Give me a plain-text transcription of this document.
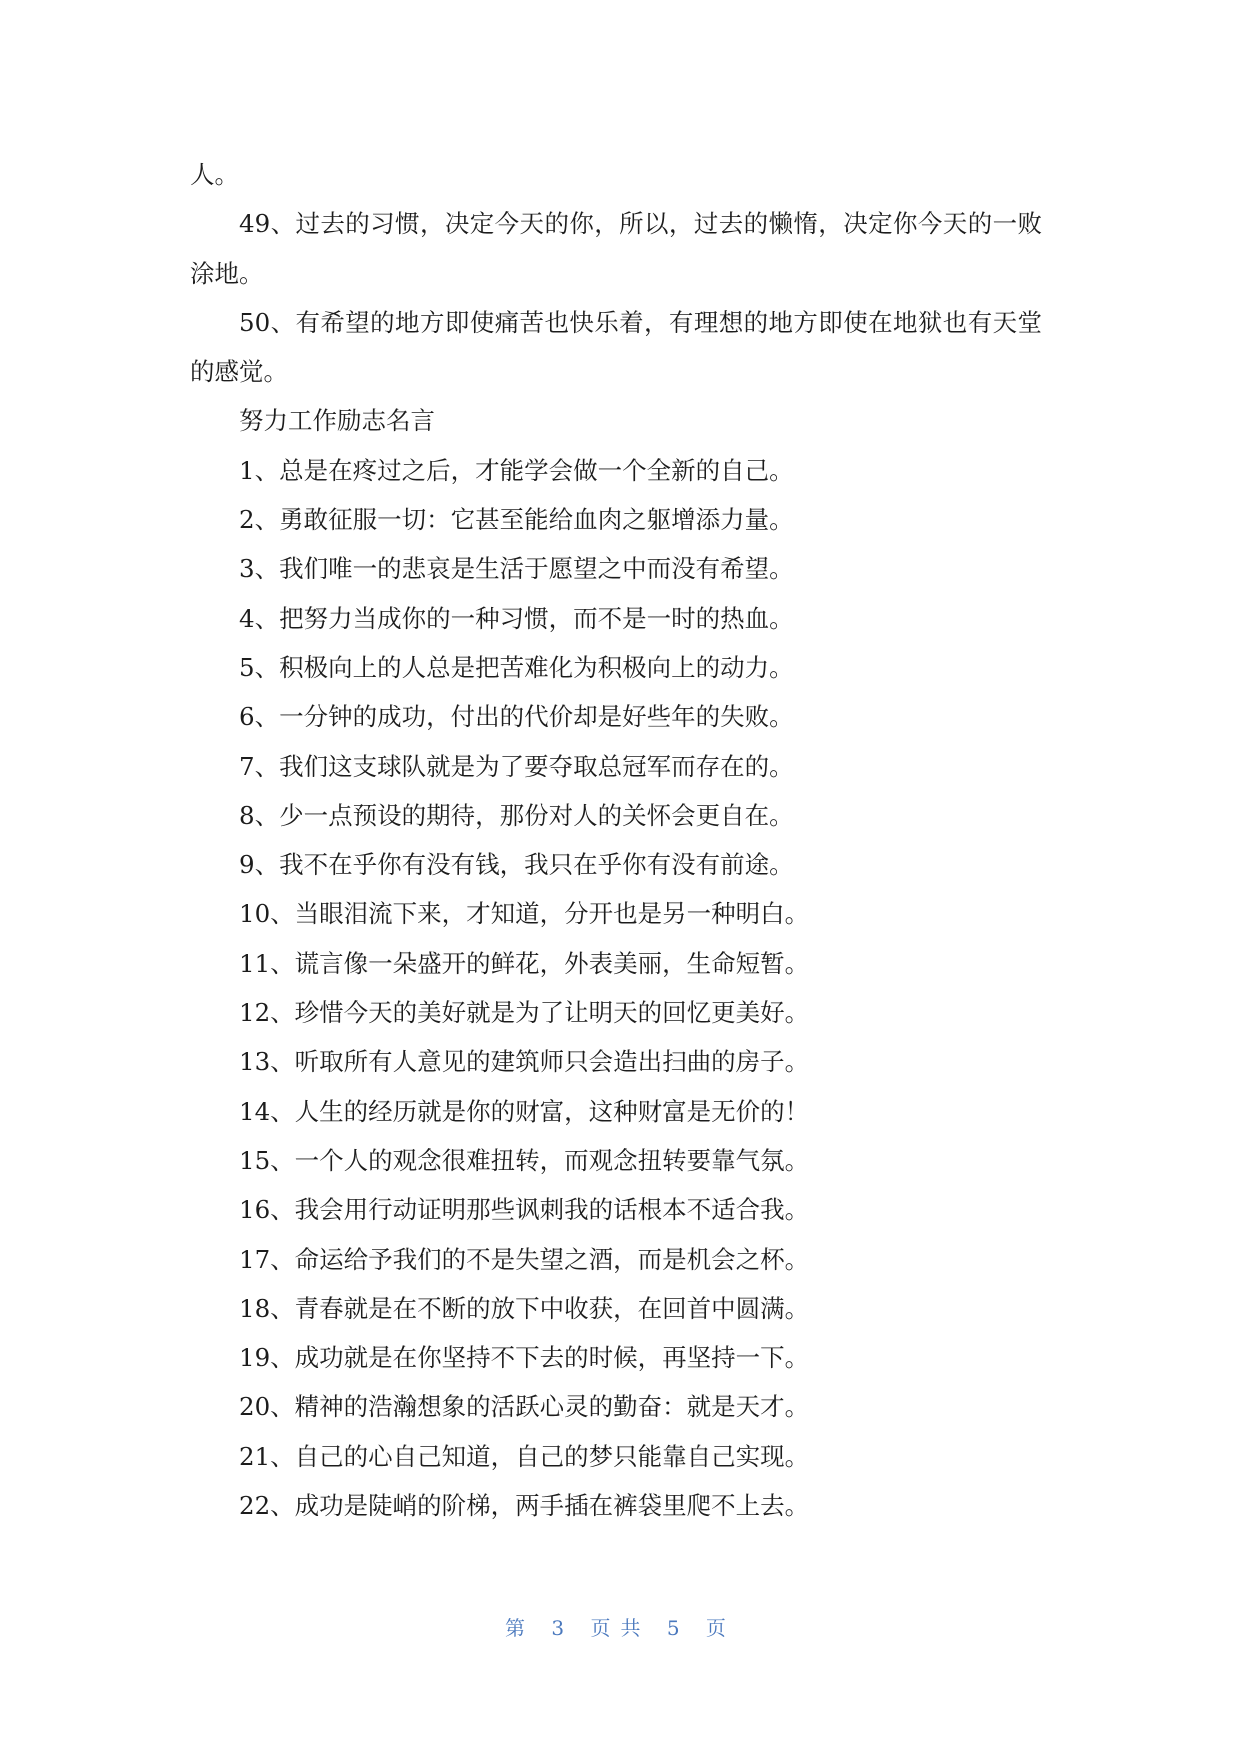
人。

49、过去的习惯，决定今天的你，所以，过去的懒惰，决定你今天的一败涂地。

50、有希望的地方即使痛苦也快乐着，有理想的地方即使在地狱也有天堂的感觉。

努力工作励志名言

1、总是在疼过之后，才能学会做一个全新的自己。

2、勇敢征服一切：它甚至能给血肉之躯增添力量。

3、我们唯一的悲哀是生活于愿望之中而没有希望。

4、把努力当成你的一种习惯，而不是一时的热血。

5、积极向上的人总是把苦难化为积极向上的动力。

6、一分钟的成功，付出的代价却是好些年的失败。

7、我们这支球队就是为了要夺取总冠军而存在的。

8、少一点预设的期待，那份对人的关怀会更自在。

9、我不在乎你有没有钱，我只在乎你有没有前途。

10、当眼泪流下来，才知道，分开也是另一种明白。

11、谎言像一朵盛开的鲜花，外表美丽，生命短暂。

12、珍惜今天的美好就是为了让明天的回忆更美好。

13、听取所有人意见的建筑师只会造出扫曲的房子。

14、人生的经历就是你的财富，这种财富是无价的！

15、一个人的观念很难扭转，而观念扭转要靠气氛。

16、我会用行动证明那些讽刺我的话根本不适合我。

17、命运给予我们的不是失望之酒，而是机会之杯。

18、青春就是在不断的放下中收获，在回首中圆满。

19、成功就是在你坚持不下去的时候，再坚持一下。

20、精神的浩瀚想象的活跃心灵的勤奋：就是天才。

21、自己的心自己知道，自己的梦只能靠自己实现。

22、成功是陡峭的阶梯，两手插在裤袋里爬不上去。

第 3 页共 5 页
